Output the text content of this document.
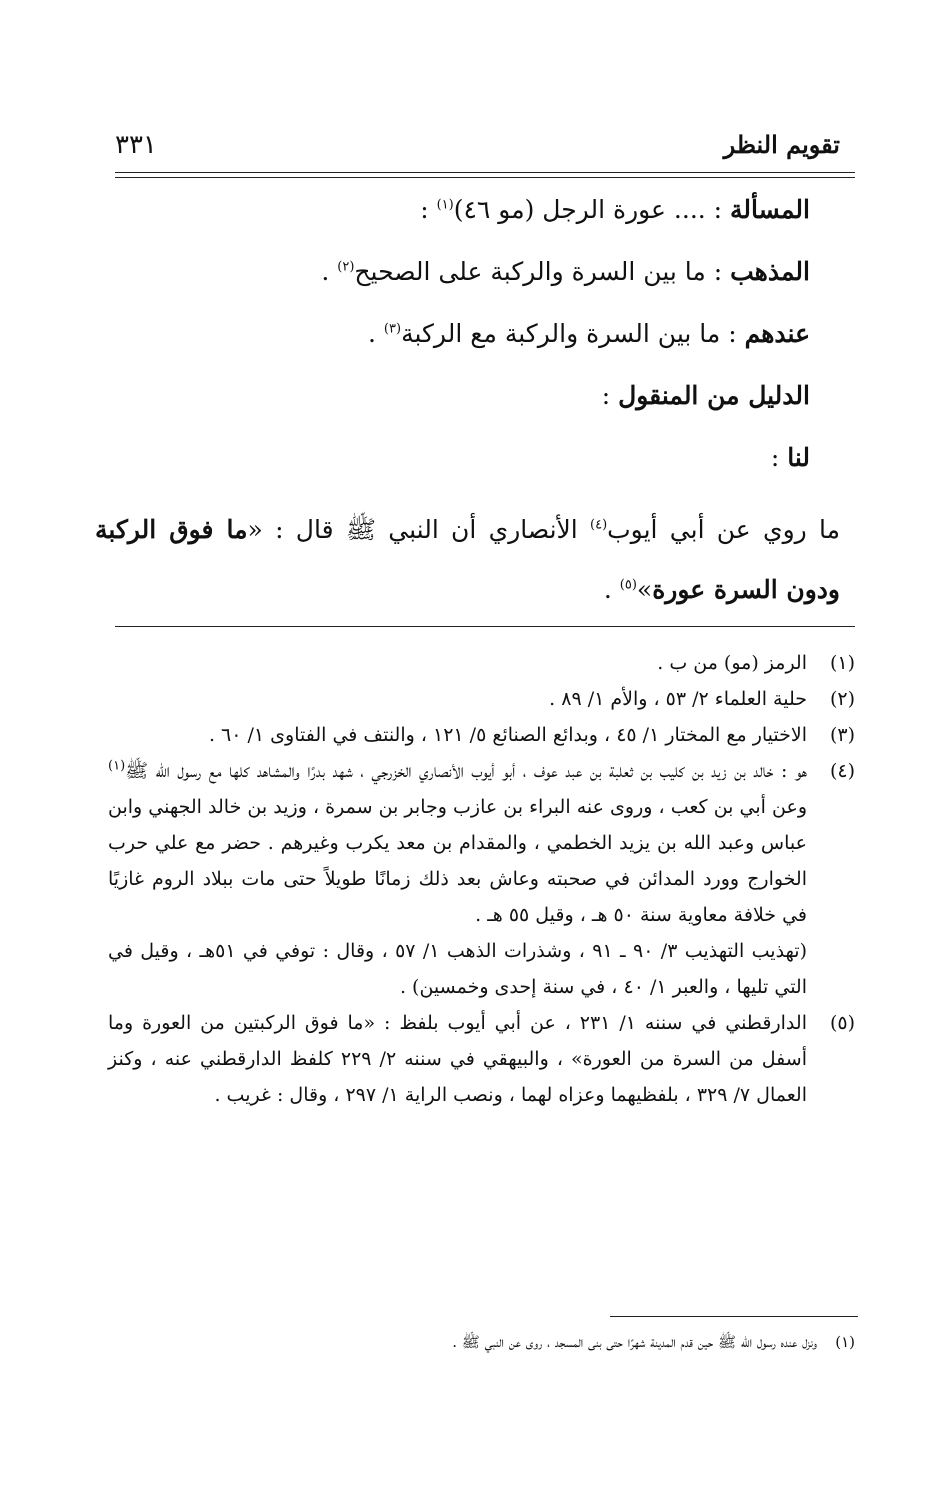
تقويم النظر
٣٣١
المسألة : .... عورة الرجل (مو ٤٦)$^{(١)}$ :
المذهب : ما بين السرة والركبة على الصحيح$^{(٢)}$ .
عندهم : ما بين السرة والركبة مع الركبة$^{(٣)}$ .
الدليل من المنقول :
لنا :
ما روي عن أبي أيوب$^{(٤)}$ الأنصاري أن النبي ﷺ قال : «ما فوق الركبة ودون السرة عورة»$^{(٥)}$ .
(١)
الرمز (مو) من ب .
(٢)
حلية العلماء ٢/ ٥٣ ، والأم ١/ ٨٩ .
(٣)
الاختيار مع المختار ١/ ٤٥ ، وبدائع الصنائع ٥/ ١٢١ ، والنتف في الفتاوى ١/ ٦٠ .
(٤)
هو : خالد بن زيد بن كليب بن ثعلبة بن عبد عوف ، أبو أيوب الأنصاري الخزرجي ، شهد بدرًا والمشاهد كلها مع رسول الله ﷺ$^{(١)}$ وعن أبي بن كعب ، وروى عنه البراء بن عازب وجابر بن سمرة ، وزيد بن خالد الجهني وابن عباس وعبد الله بن يزيد الخطمي ، والمقدام بن معد يكرب وغيرهم . حضر مع علي حرب الخوارج وورد المدائن في صحبته وعاش بعد ذلك زمانًا طويلاً حتى مات ببلاد الروم غازيًا في خلافة معاوية سنة ٥٠ هـ ، وقيل ٥٥ هـ .
(تهذيب التهذيب ٣/ ٩٠ ـ ٩١ ، وشذرات الذهب ١/ ٥٧ ، وقال : توفي في ٥١هـ ، وقيل في التي تليها ، والعبر ١/ ٤٠ ، في سنة إحدى وخمسين) .
(٥)
الدارقطني في سننه ١/ ٢٣١ ، عن أبي أيوب بلفظ : «ما فوق الركبتين من العورة وما أسفل من السرة من العورة» ، والبيهقي في سننه ٢/ ٢٢٩ كلفظ الدارقطني عنه ، وكنز العمال ٧/ ٣٢٩ ، بلفظيهما وعزاه لهما ، ونصب الراية ١/ ٢٩٧ ، وقال : غريب .
(١)
ونزل عنده رسول الله ﷺ حين قدم المدينة شهرًا حتى بنى المسجد ، روى عن النبي ﷺ .
